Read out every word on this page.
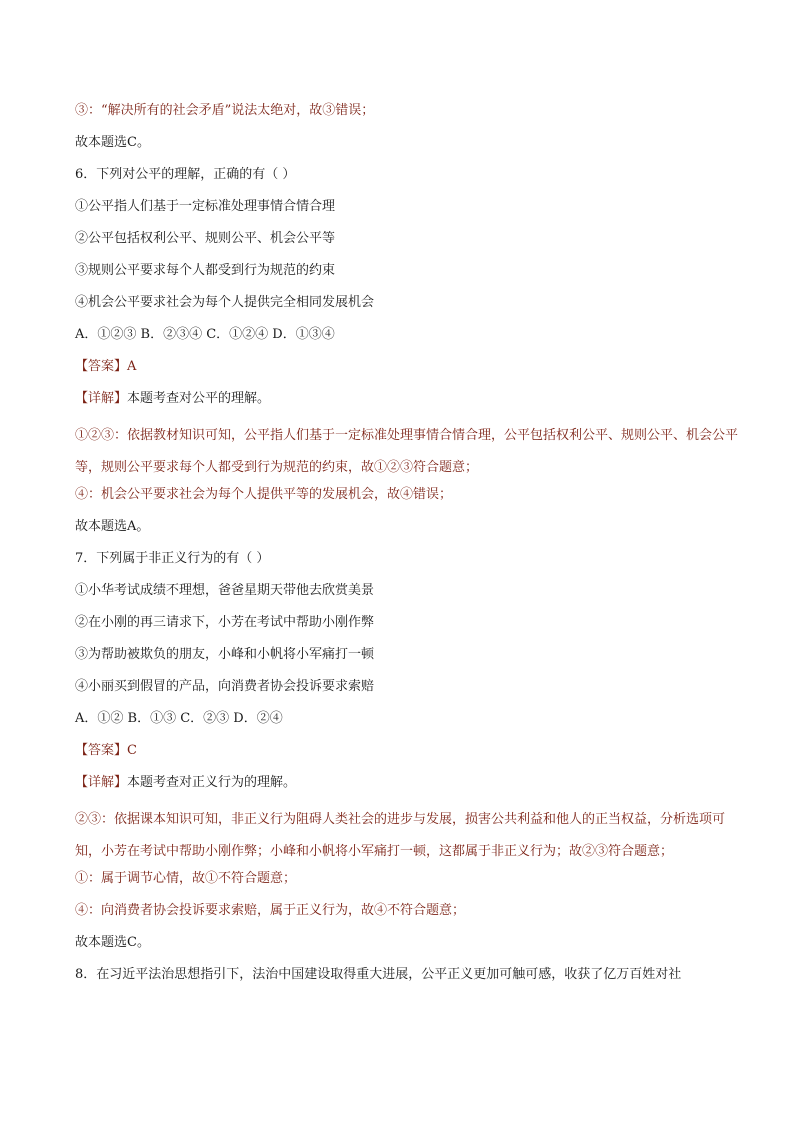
③：“解决所有的社会矛盾”说法太绝对，故③错误；
故本题选C。
6．下列对公平的理解，正确的有（ ）
①公平指人们基于一定标准处理事情合情合理
②公平包括权利公平、规则公平、机会公平等
③规则公平要求每个人都受到行为规范的约束
④机会公平要求社会为每个人提供完全相同发展机会
A．①②③ B．②③④ C．①②④ D．①③④
【答案】A
【详解】本题考查对公平的理解。
①②③：依据教材知识可知，公平指人们基于一定标准处理事情合情合理，公平包括权利公平、规则公平、机会公平等，规则公平要求每个人都受到行为规范的约束，故①②③符合题意；
④：机会公平要求社会为每个人提供平等的发展机会，故④错误；
故本题选A。
7．下列属于非正义行为的有（ ）
①小华考试成绩不理想，爸爸星期天带他去欣赏美景
②在小刚的再三请求下，小芳在考试中帮助小刚作弊
③为帮助被欺负的朋友，小峰和小帆将小军痛打一顿
④小丽买到假冒的产品，向消费者协会投诉要求索赔
A．①② B．①③ C．②③ D．②④
【答案】C
【详解】本题考查对正义行为的理解。
②③：依据课本知识可知，非正义行为阻碍人类社会的进步与发展，损害公共利益和他人的正当权益，分析选项可知，小芳在考试中帮助小刚作弊；小峰和小帆将小军痛打一顿，这都属于非正义行为；故②③符合题意；
①：属于调节心情，故①不符合题意；
④：向消费者协会投诉要求索赔，属于正义行为，故④不符合题意；
故本题选C。
8．在习近平法治思想指引下，法治中国建设取得重大进展，公平正义更加可触可感，收获了亿万百姓对社
